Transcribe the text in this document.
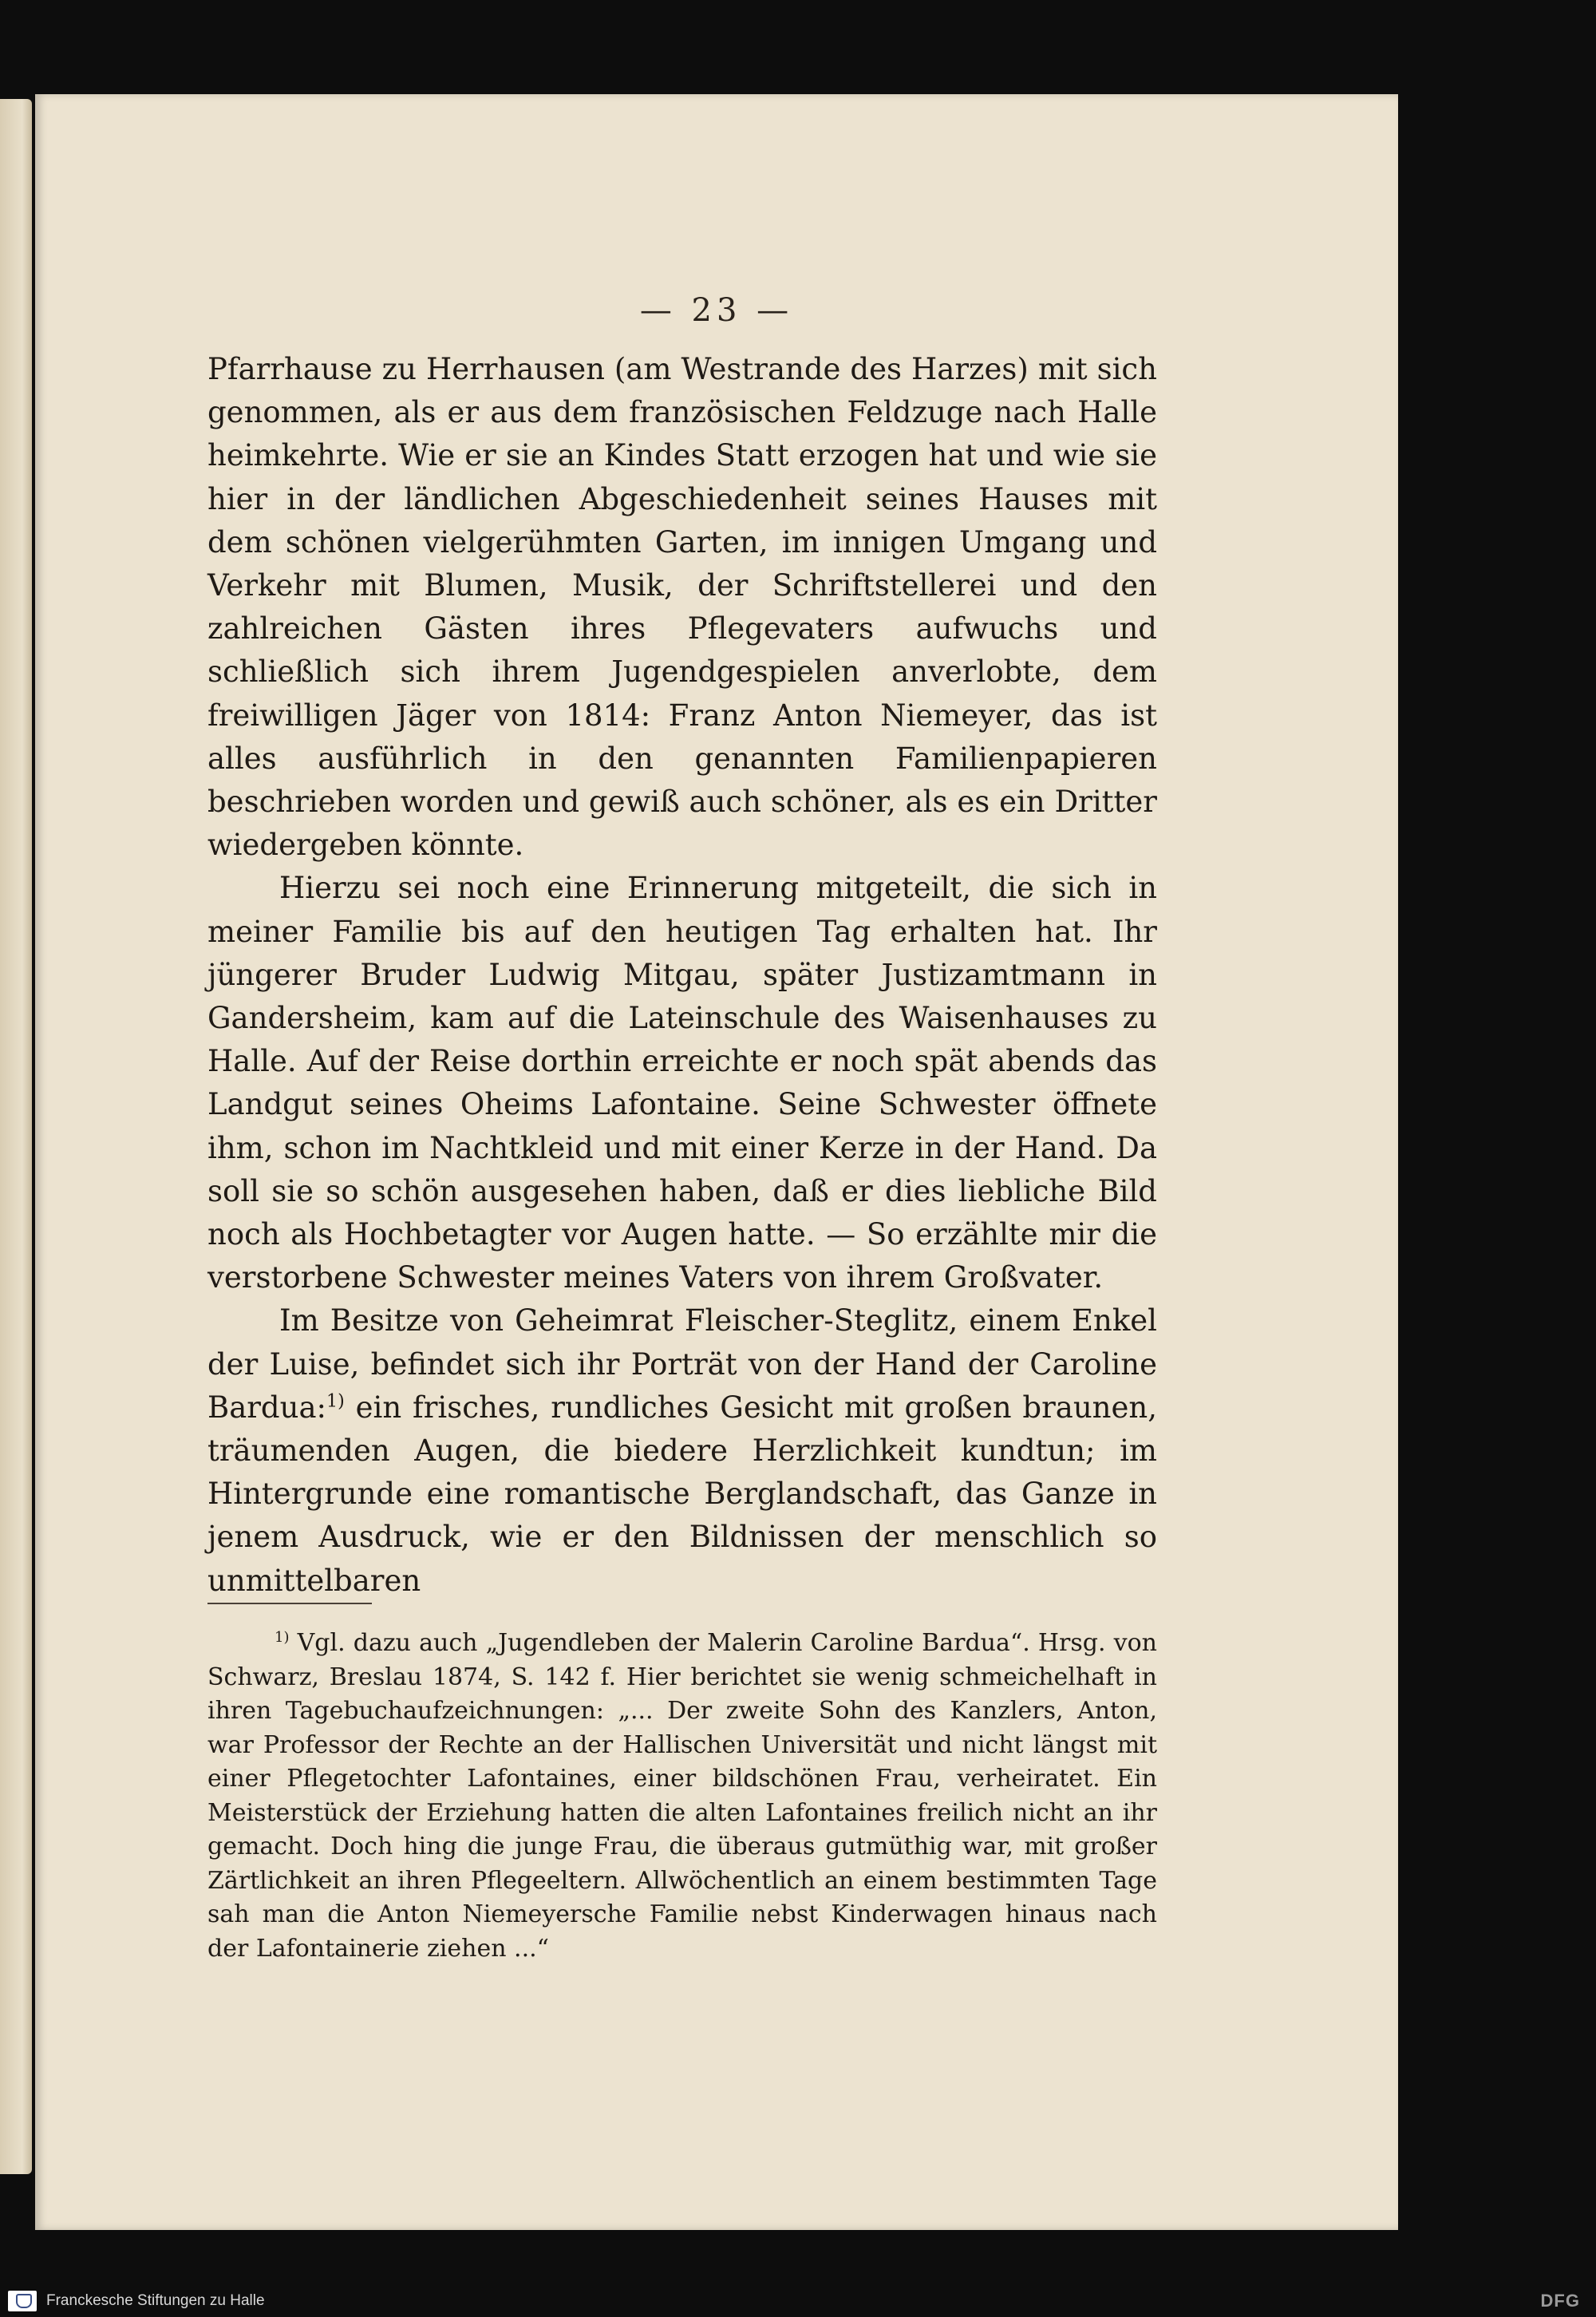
— 23 —

Pfarrhause zu Herrhausen (am Westrande des Harzes) mit sich genommen, als er aus dem französischen Feldzuge nach Halle heimkehrte. Wie er sie an Kindes Statt erzogen hat und wie sie hier in der ländlichen Abgeschiedenheit seines Hauses mit dem schönen vielgerühmten Garten, im innigen Umgang und Verkehr mit Blumen, Musik, der Schriftstellerei und den zahlreichen Gästen ihres Pflegevaters aufwuchs und schließlich sich ihrem Jugendgespielen anverlobte, dem freiwilligen Jäger von 1814: Franz Anton Niemeyer, das ist alles ausführlich in den genannten Familienpapieren beschrieben worden und gewiß auch schöner, als es ein Dritter wiedergeben könnte.

Hierzu sei noch eine Erinnerung mitgeteilt, die sich in meiner Familie bis auf den heutigen Tag erhalten hat. Ihr jüngerer Bruder Ludwig Mitgau, später Justizamtmann in Gandersheim, kam auf die Lateinschule des Waisenhauses zu Halle. Auf der Reise dorthin erreichte er noch spät abends das Landgut seines Oheims Lafontaine. Seine Schwester öffnete ihm, schon im Nachtkleid und mit einer Kerze in der Hand. Da soll sie so schön ausgesehen haben, daß er dies liebliche Bild noch als Hochbetagter vor Augen hatte. — So erzählte mir die verstorbene Schwester meines Vaters von ihrem Großvater.

Im Besitze von Geheimrat Fleischer-Steglitz, einem Enkel der Luise, befindet sich ihr Porträt von der Hand der Caroline Bardua:$^{1)}$ ein frisches, rundliches Gesicht mit großen braunen, träumenden Augen, die biedere Herzlichkeit kundtun; im Hintergrunde eine romantische Berglandschaft, das Ganze in jenem Ausdruck, wie er den Bildnissen der menschlich so unmittelbaren

$^{1)}$ Vgl. dazu auch „Jugendleben der Malerin Caroline Bardua“. Hrsg. von Schwarz, Breslau 1874, S. 142 f. Hier berichtet sie wenig schmeichelhaft in ihren Tagebuchaufzeichnungen: „... Der zweite Sohn des Kanzlers, Anton, war Professor der Rechte an der Hallischen Universität und nicht längst mit einer Pflegetochter Lafontaines, einer bildschönen Frau, verheiratet. Ein Meisterstück der Erziehung hatten die alten Lafontaines freilich nicht an ihr gemacht. Doch hing die junge Frau, die überaus gutmüthig war, mit großer Zärtlichkeit an ihren Pflegeeltern. Allwöchentlich an einem bestimmten Tage sah man die Anton Niemeyersche Familie nebst Kinderwagen hinaus nach der Lafontainerie ziehen ...“

Franckesche Stiftungen zu Halle	DFG
